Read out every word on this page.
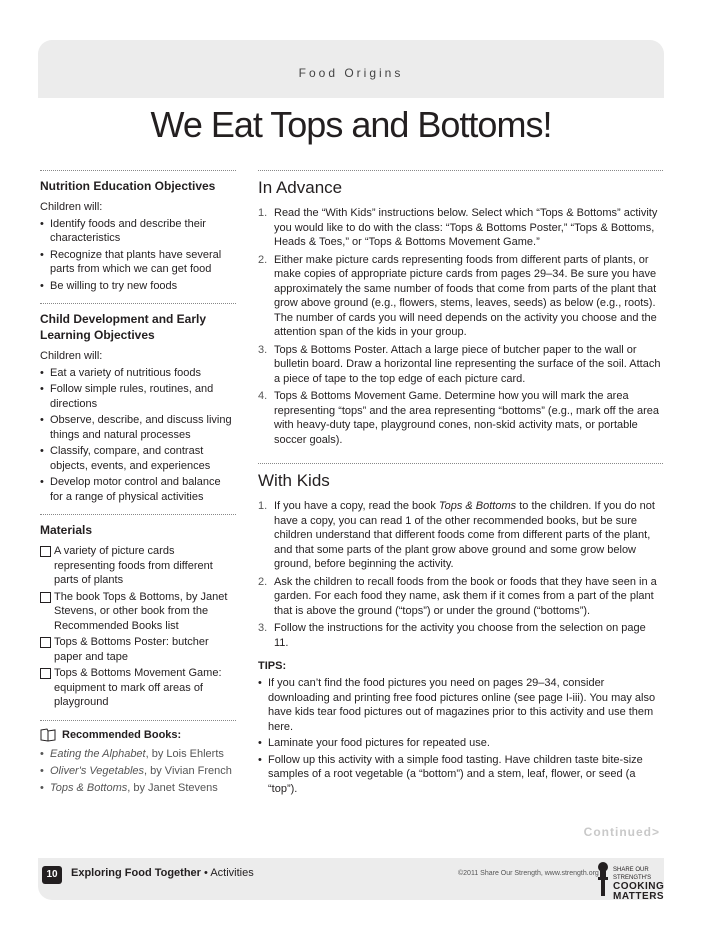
Food Origins
We Eat Tops and Bottoms!
Nutrition Education Objectives
Children will:
• Identify foods and describe their characteristics
• Recognize that plants have several parts from which we can get food
• Be willing to try new foods
Child Development and Early Learning Objectives
Children will:
• Eat a variety of nutritious foods
• Follow simple rules, routines, and directions
• Observe, describe, and discuss living things and natural processes
• Classify, compare, and contrast objects, events, and experiences
• Develop motor control and balance for a range of physical activities
Materials
A variety of picture cards representing foods from different parts of plants
The book Tops & Bottoms, by Janet Stevens, or other book from the Recommended Books list
Tops & Bottoms Poster: butcher paper and tape
Tops & Bottoms Movement Game: equipment to mark off areas of playground
Recommended Books:
• Eating the Alphabet, by Lois Ehlerts
• Oliver's Vegetables, by Vivian French
• Tops & Bottoms, by Janet Stevens
In Advance
1. Read the “With Kids” instructions below. Select which “Tops & Bottoms” activity you would like to do with the class: “Tops & Bottoms Poster,” “Tops & Bottoms, Heads & Toes,” or “Tops & Bottoms Movement Game.”
2. Either make picture cards representing foods from different parts of plants, or make copies of appropriate picture cards from pages 29–34. Be sure you have approximately the same number of foods that come from parts of the plant that grow above ground (e.g., flowers, stems, leaves, seeds) as below (e.g., roots). The number of cards you will need depends on the activity you choose and the attention span of the kids in your group.
3. Tops & Bottoms Poster. Attach a large piece of butcher paper to the wall or bulletin board. Draw a horizontal line representing the surface of the soil. Attach a piece of tape to the top edge of each picture card.
4. Tops & Bottoms Movement Game. Determine how you will mark the area representing “tops” and the area representing “bottoms” (e.g., mark off the area with heavy-duty tape, playground cones, non-skid activity mats, or portable soccer goals).
With Kids
1. If you have a copy, read the book Tops & Bottoms to the children. If you do not have a copy, you can read 1 of the other recommended books, but be sure children understand that different foods come from different parts of the plant, and that some parts of the plant grow above ground and some grow below ground, before beginning the activity.
2. Ask the children to recall foods from the book or foods that they have seen in a garden. For each food they name, ask them if it comes from a part of the plant that is above the ground (“tops”) or under the ground (“bottoms”).
3. Follow the instructions for the activity you choose from the selection on page 11.
TIPS:
• If you can’t find the food pictures you need on pages 29–34, consider downloading and printing free food pictures online (see page I-iii). You may also have kids tear food pictures out of magazines prior to this activity and use them here.
• Laminate your food pictures for repeated use.
• Follow up this activity with a simple food tasting. Have children taste bite-size samples of a root vegetable (a “bottom”) and a stem, leaf, flower, or seed (a “top”).
Continued>
10	Exploring Food Together • Activities	©2011 Share Our Strength, www.strength.org SHARE OUR STRENGTH'S
COOKING
MATTERS
